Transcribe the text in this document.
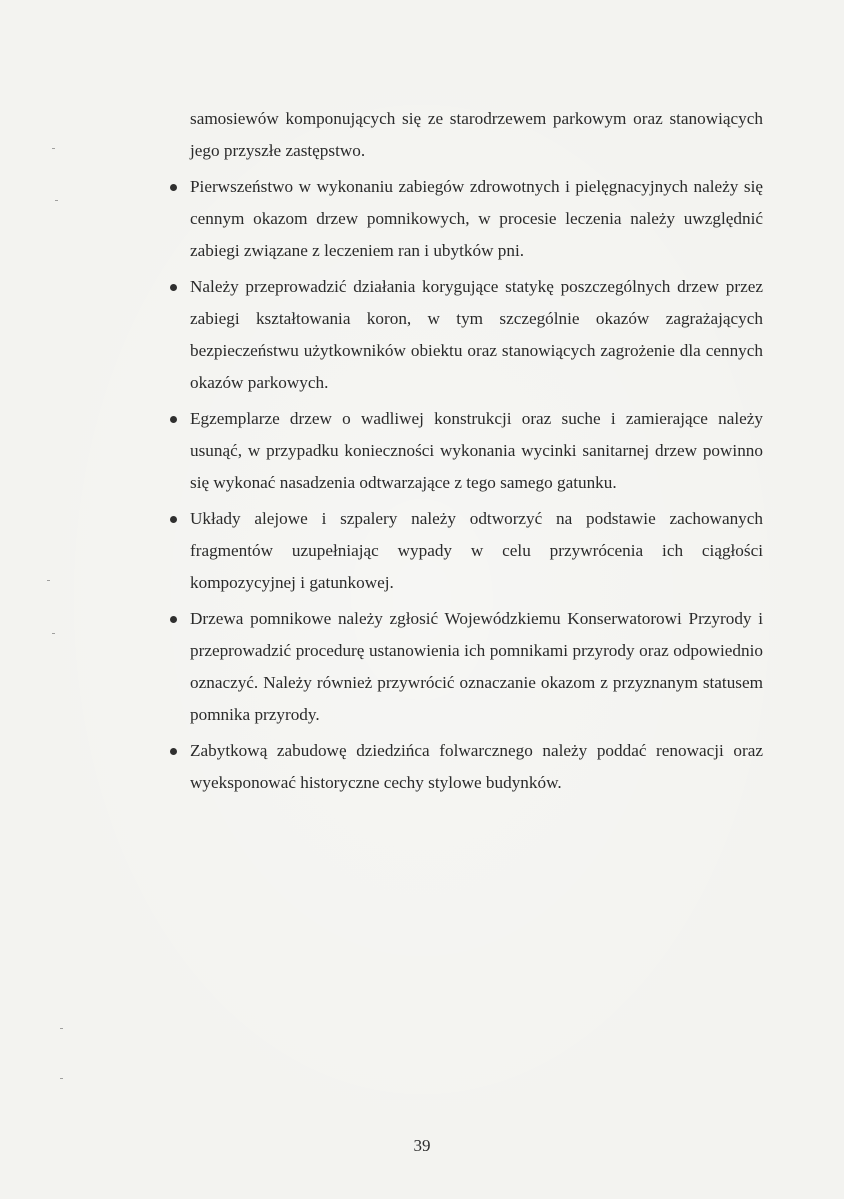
samosiewów komponujących się ze starodrzewem parkowym oraz stanowiących jego przyszłe zastępstwo.

Pierwszeństwo w wykonaniu zabiegów zdrowotnych i pielęgnacyjnych należy się cennym okazom drzew pomnikowych, w procesie leczenia należy uwzględnić zabiegi związane z leczeniem ran i ubytków pni.
Należy przeprowadzić działania korygujące statykę poszczególnych drzew przez zabiegi kształtowania koron, w tym szczególnie okazów zagrażających bezpieczeństwu użytkowników obiektu oraz stanowiących zagrożenie dla cennych okazów parkowych.
Egzemplarze drzew o wadliwej konstrukcji oraz suche i zamierające należy usunąć, w przypadku konieczności wykonania wycinki sanitarnej drzew powinno się wykonać nasadzenia odtwarzające z tego samego gatunku.
Układy alejowe i szpalery należy odtworzyć na podstawie zachowanych fragmentów uzupełniając wypady w celu przywrócenia ich ciągłości kompozycyjnej i gatunkowej.
Drzewa pomnikowe należy zgłosić Wojewódzkiemu Konserwatorowi Przyrody i przeprowadzić procedurę ustanowienia ich pomnikami przyrody oraz odpowiednio oznaczyć. Należy również przywrócić oznaczanie okazom z przyznanym statusem pomnika przyrody.
Zabytkową zabudowę dziedzińca folwarcznego należy poddać renowacji oraz wyeksponować historyczne cechy stylowe budynków.
39
